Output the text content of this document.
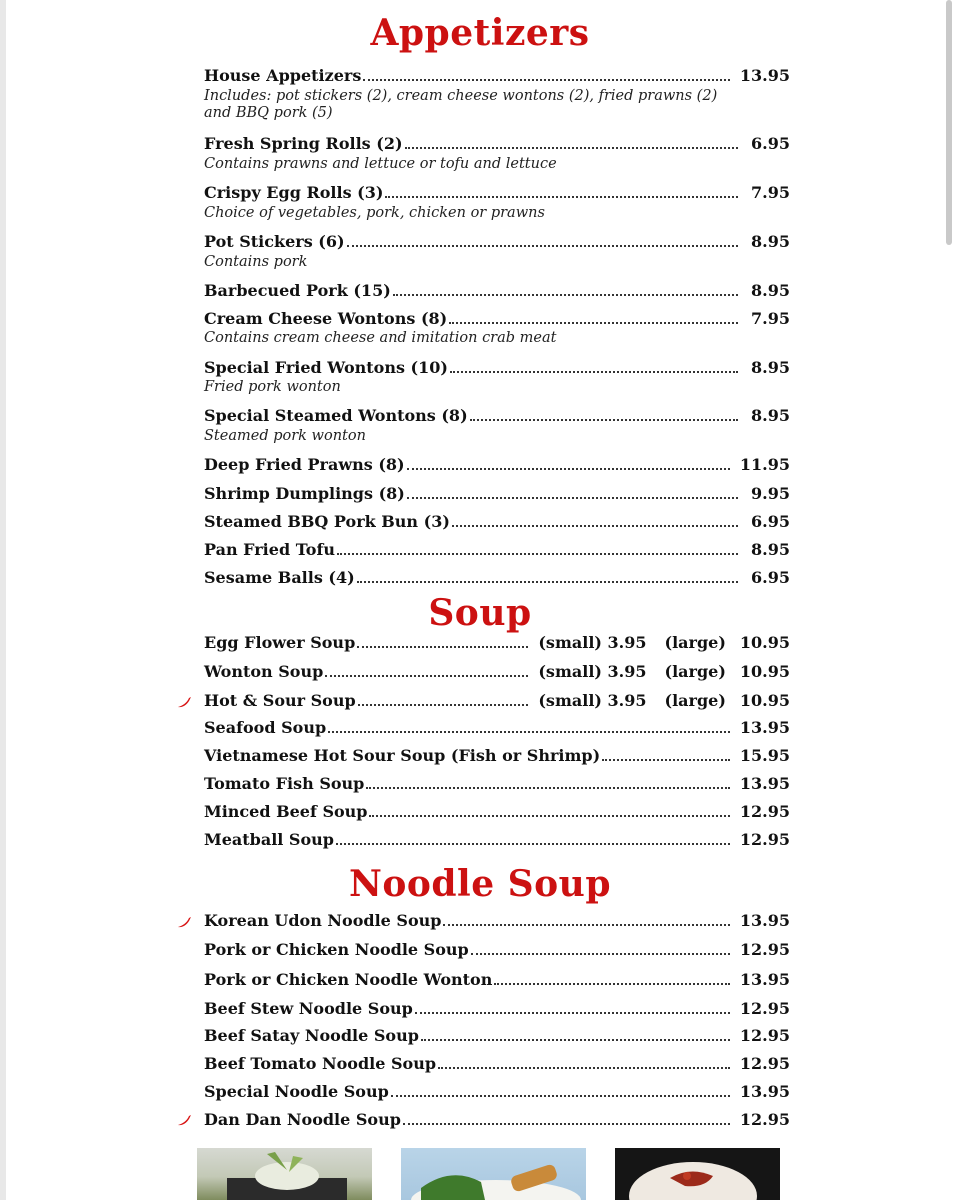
Appetizers
House Appetizers	13.95
Includes: pot stickers (2), cream cheese wontons (2), fried prawns (2) and BBQ pork (5)
Fresh Spring Rolls (2)	6.95
Contains prawns and lettuce or tofu and lettuce
Crispy Egg Rolls (3)	7.95
Choice of vegetables, pork, chicken or prawns
Pot Stickers (6)	8.95
Contains pork
Barbecued Pork (15)	8.95
Cream Cheese Wontons (8)	7.95
Contains cream cheese and imitation crab meat
Special Fried Wontons (10)	8.95
Fried pork wonton
Special Steamed Wontons (8)	8.95
Steamed pork wonton
Deep Fried Prawns (8)	11.95
Shrimp Dumplings (8)	9.95
Steamed BBQ Pork Bun (3)	6.95
Pan Fried Tofu	8.95
Sesame Balls (4)	6.95
Soup
Egg Flower Soup	(small) 3.95 (large) 10.95
Wonton Soup	(small) 3.95 (large) 10.95
Hot & Sour Soup	(small) 3.95 (large) 10.95
Seafood Soup	13.95
Vietnamese Hot Sour Soup (Fish or Shrimp)	15.95
Tomato Fish Soup	13.95
Minced Beef Soup	12.95
Meatball Soup	12.95
Noodle Soup
Korean Udon Noodle Soup	13.95
Pork or Chicken Noodle Soup	12.95
Pork or Chicken Noodle Wonton	13.95
Beef Stew Noodle Soup	12.95
Beef Satay Noodle Soup	12.95
Beef Tomato Noodle Soup	12.95
Special Noodle Soup	13.95
Dan Dan Noodle Soup	12.95
